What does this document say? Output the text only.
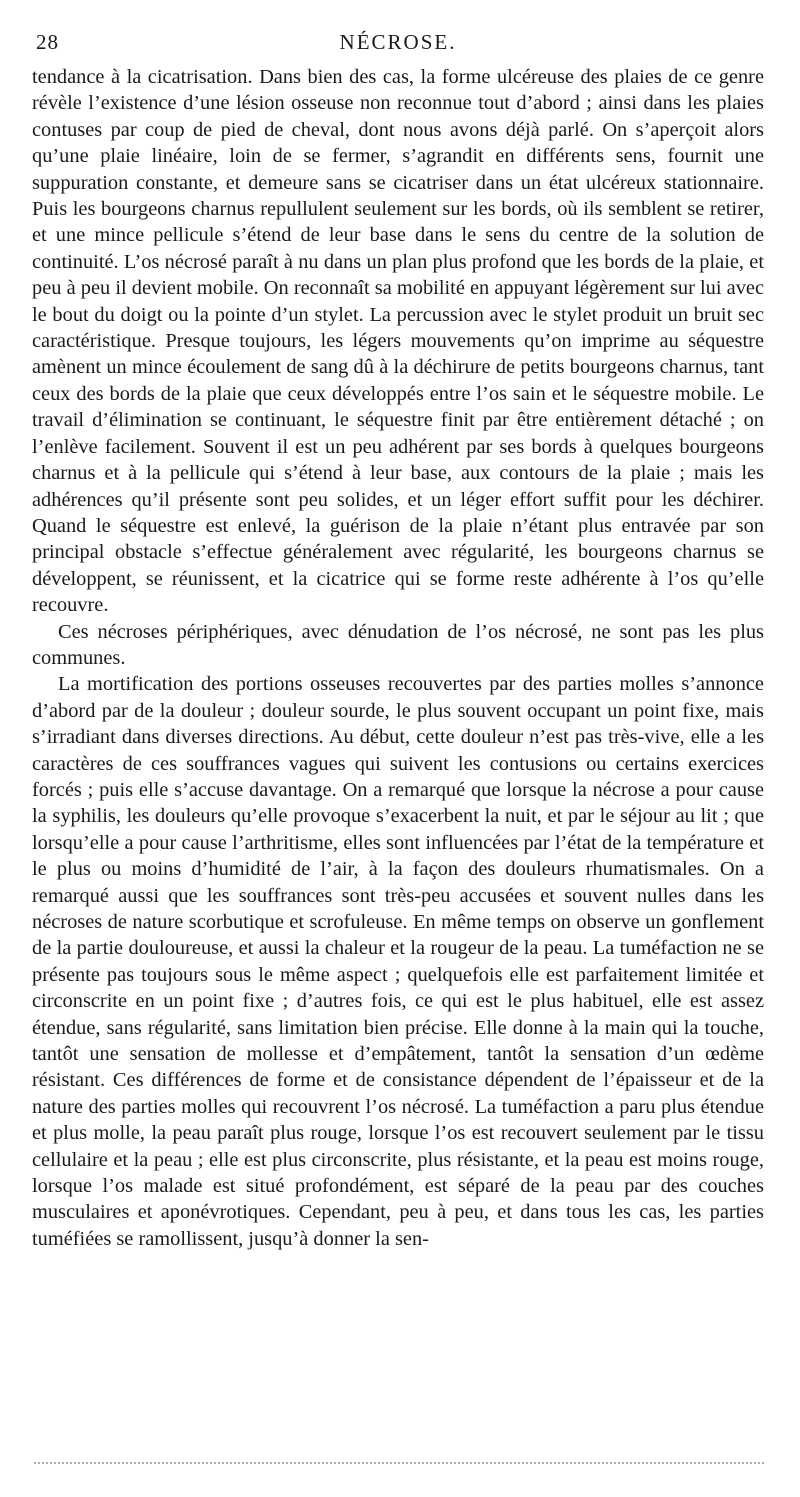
28	NÉCROSE.

tendance à la cicatrisation. Dans bien des cas, la forme ulcéreuse des plaies de ce genre révèle l’existence d’une lésion osseuse non reconnue tout d’abord ; ainsi dans les plaies contuses par coup de pied de cheval, dont nous avons déjà parlé. On s’aperçoit alors qu’une plaie linéaire, loin de se fermer, s’agrandit en différents sens, fournit une suppuration constante, et demeure sans se cicatriser dans un état ulcéreux stationnaire. Puis les bourgeons charnus repullulent seulement sur les bords, où ils semblent se retirer, et une mince pellicule s’étend de leur base dans le sens du centre de la solution de continuité. L’os nécrosé paraît à nu dans un plan plus profond que les bords de la plaie, et peu à peu il devient mobile. On reconnaît sa mobilité en appuyant légèrement sur lui avec le bout du doigt ou la pointe d’un stylet. La percussion avec le stylet produit un bruit sec caractéristique. Presque toujours, les légers mouvements qu’on imprime au séquestre amènent un mince écoulement de sang dû à la déchirure de petits bourgeons charnus, tant ceux des bords de la plaie que ceux développés entre l’os sain et le séquestre mobile. Le travail d’élimination se continuant, le séquestre finit par être entièrement détaché ; on l’enlève facilement. Souvent il est un peu adhérent par ses bords à quelques bourgeons charnus et à la pellicule qui s’étend à leur base, aux contours de la plaie ; mais les adhérences qu’il présente sont peu solides, et un léger effort suffit pour les déchirer. Quand le séquestre est enlevé, la guérison de la plaie n’étant plus entravée par son principal obstacle s’effectue généralement avec régularité, les bourgeons charnus se développent, se réunissent, et la cicatrice qui se forme reste adhérente à l’os qu’elle recouvre.

Ces nécroses périphériques, avec dénudation de l’os nécrosé, ne sont pas les plus communes.

La mortification des portions osseuses recouvertes par des parties molles s’annonce d’abord par de la douleur ; douleur sourde, le plus souvent occupant un point fixe, mais s’irradiant dans diverses directions. Au début, cette douleur n’est pas très-vive, elle a les caractères de ces souffrances vagues qui suivent les contusions ou certains exercices forcés ; puis elle s’accuse davantage. On a remarqué que lorsque la nécrose a pour cause la syphilis, les douleurs qu’elle provoque s’exacerbent la nuit, et par le séjour au lit ; que lorsqu’elle a pour cause l’arthritisme, elles sont influencées par l’état de la température et le plus ou moins d’humidité de l’air, à la façon des douleurs rhumatismales. On a remarqué aussi que les souffrances sont très-peu accusées et souvent nulles dans les nécroses de nature scorbutique et scrofuleuse. En même temps on observe un gonflement de la partie douloureuse, et aussi la chaleur et la rougeur de la peau. La tuméfaction ne se présente pas toujours sous le même aspect ; quelquefois elle est parfaitement limitée et circonscrite en un point fixe ; d’autres fois, ce qui est le plus habituel, elle est assez étendue, sans régularité, sans limitation bien précise. Elle donne à la main qui la touche, tantôt une sensation de mollesse et d’empâtement, tantôt la sensation d’un œdème résistant. Ces différences de forme et de consistance dépendent de l’épaisseur et de la nature des parties molles qui recouvrent l’os nécrosé. La tuméfaction a paru plus étendue et plus molle, la peau paraît plus rouge, lorsque l’os est recouvert seulement par le tissu cellulaire et la peau ; elle est plus circonscrite, plus résistante, et la peau est moins rouge, lorsque l’os malade est situé profondément, est séparé de la peau par des couches musculaires et aponévrotiques. Cependant, peu à peu, et dans tous les cas, les parties tuméfiées se ramollissent, jusqu’à donner la sen-
